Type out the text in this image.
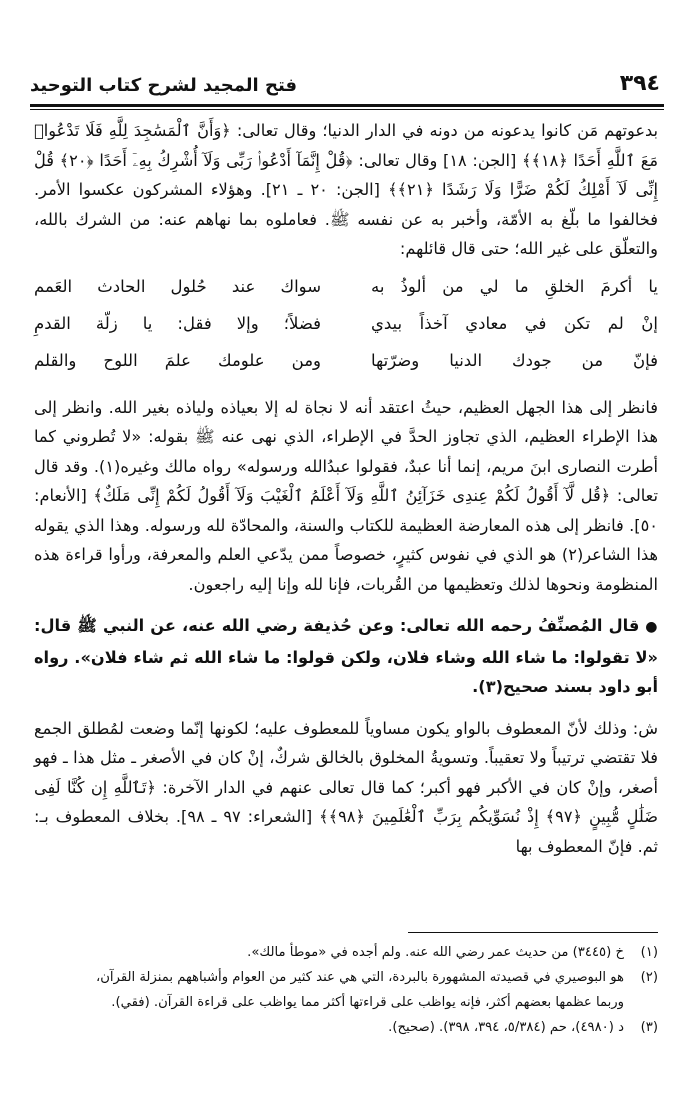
٣٩٤
فتح المجيد لشرح كتاب التوحيد

بدعوتهم مَن كانوا يدعونه من دونه في الدار الدنيا؛ وقال تعالى: ﴿وَأَنَّ ٱلْمَسَٰجِدَ لِلَّهِ فَلَا تَدْعُوا۟ مَعَ ٱللَّهِ أَحَدًا ﴿١٨﴾﴾ [الجن: ١٨] وقال تعالى: ﴿قُلْ إِنَّمَآ أَدْعُوا۟ رَبِّى وَلَآ أُشْرِكُ بِهِۦٓ أَحَدًا ﴿٢٠﴾ قُلْ إِنِّى لَآ أَمْلِكُ لَكُمْ ضَرًّا وَلَا رَشَدًا ﴿٢١﴾﴾ [الجن: ٢٠ ـ ٢١]. وهؤلاء المشركون عكسوا الأمر. فخالفوا ما بلّغ به الأمّة، وأخبر به عن نفسه ﷺ. فعاملوه بما نهاهم عنه: من الشرك بالله، والتعلّق على غير الله؛ حتى قال قائلهم:

يا أكرمَ الخلقِ ما لي من ألوذُ به
سواك عند حُلول الحادث العَمم
إنْ لم تكن في معادي آخذاً بيدي
فضلاً؛ وإلا فقل: يا زلّة القدمِ
فإنّ من جودك الدنيا وضرّتها
ومن علومك علمَ اللوح والقلم

فانظر إلى هذا الجهل العظيم، حيثُ اعتقد أنه لا نجاة له إلا بعياذه ولياذه بغير الله. وانظر إلى هذا الإطراء العظيم، الذي تجاوز الحدَّ في الإطراء، الذي نهى عنه ﷺ بقوله: «لا تُطروني كما أطرت النصارى ابنَ مريم، إنما أنا عبدٌ، فقولوا عبدُالله ورسوله» رواه مالك وغيره(١). وقد قال تعالى: ﴿قُل لَّآ أَقُولُ لَكُمْ عِندِى خَزَآئِنُ ٱللَّهِ وَلَآ أَعْلَمُ ٱلْغَيْبَ وَلَآ أَقُولُ لَكُمْ إِنِّى مَلَكٌ﴾ [الأنعام: ٥٠]. فانظر إلى هذه المعارضة العظيمة للكتاب والسنة، والمحادّة لله ورسوله. وهذا الذي يقوله هذا الشاعر(٢) هو الذي في نفوس كثيرٍ، خصوصاً ممن يدّعي العلم والمعرفة، ورأوا قراءة هذه المنظومة ونحوها لذلك وتعظيمها من القُربات، فإنا لله وإنا إليه راجعون.

●قال المُصنِّفُ رحمه الله تعالى: وعن حُذيفة رضي الله عنه، عن النبي ﷺ قال: «لا تقولوا: ما شاء الله وشاء فلان، ولكن قولوا: ما شاء الله ثم شاء فلان». رواه أبو داود بسند صحيح(٣).

ش: وذلك لأنّ المعطوف بالواو يكون مساوياً للمعطوف عليه؛ لكونها إنّما وضعت لمُطلق الجمع فلا تقتضي ترتيباً ولا تعقيباً. وتسويةُ المخلوق بالخالق شركٌ، إنْ كان في الأصغر ـ مثل هذا ـ فهو أصغر، وإنْ كان في الأكبر فهو أكبر؛ كما قال تعالى عنهم في الدار الآخرة: ﴿تَٱللَّهِ إِن كُنَّا لَفِى ضَلَٰلٍ مُّبِينٍ ﴿٩٧﴾ إِذْ نُسَوِّيكُم بِرَبِّ ٱلْعَٰلَمِينَ ﴿٩٨﴾﴾ [الشعراء: ٩٧ ـ ٩٨]. بخلاف المعطوف بـ: ثم. فإنّ المعطوف بها

(١)
خ (٣٤٤٥) من حديث عمر رضي الله عنه. ولم أجده في «موطأ مالك».
(٢)
هو البوصيري في قصيدته المشهورة بالبردة، التي هي عند كثير من العوام وأشباههم بمنزلة القرآن،
وربما عظمها بعضهم أكثر، فإنه يواظب على قراءتها أكثر مما يواظب على قراءة القرآن. (فقي).
(٣)
د (٤٩٨٠)، حم (٥/٣٨٤، ٣٩٤، ٣٩٨). (صحيح).
